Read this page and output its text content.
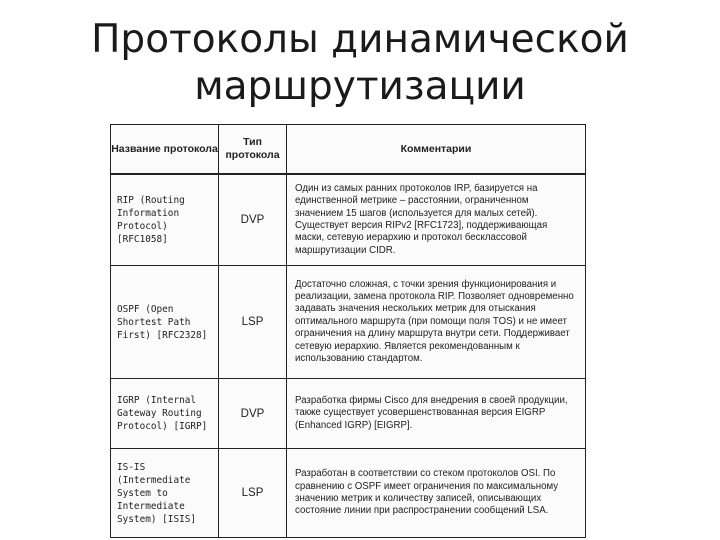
Протоколы динамической
маршрутизации
Название протокола	Тип протокола	Комментарии
RIP (Routing Information Protocol) [RFC1058]	DVP	Один из самых ранних протоколов IRP, базируется на единственной метрике – расстоянии, ограниченном значением 15 шагов (используется для малых сетей). Существует версия RIPv2 [RFC1723], поддерживающая маски, сетевую иерархию и протокол бесклассовой маршрутизации CIDR.
OSPF (Open Shortest Path First) [RFC2328]	LSP	Достаточно сложная, с точки зрения функционирования и реализации, замена протокола RIP. Позволяет одновременно задавать значения нескольких метрик для отыскания оптимального маршрута (при помощи поля TOS) и не имеет ограничения на длину маршрута внутри сети. Поддерживает сетевую иерархию. Является рекомендованным к использованию стандартом.
IGRP (Internal Gateway Routing Protocol) [IGRP]	DVP	Разработка фирмы Cisco для внедрения в своей продукции, также существует усовершенствованная версия EIGRP (Enhanced IGRP) [EIGRP].
IS-IS (Intermediate System to Intermediate System) [ISIS]	LSP	Разработан в соответствии со стеком протоколов OSI. По сравнению с OSPF имеет ограничения по максимальному значению метрик и количеству записей, описывающих состояние линии при распространении сообщений LSA.
